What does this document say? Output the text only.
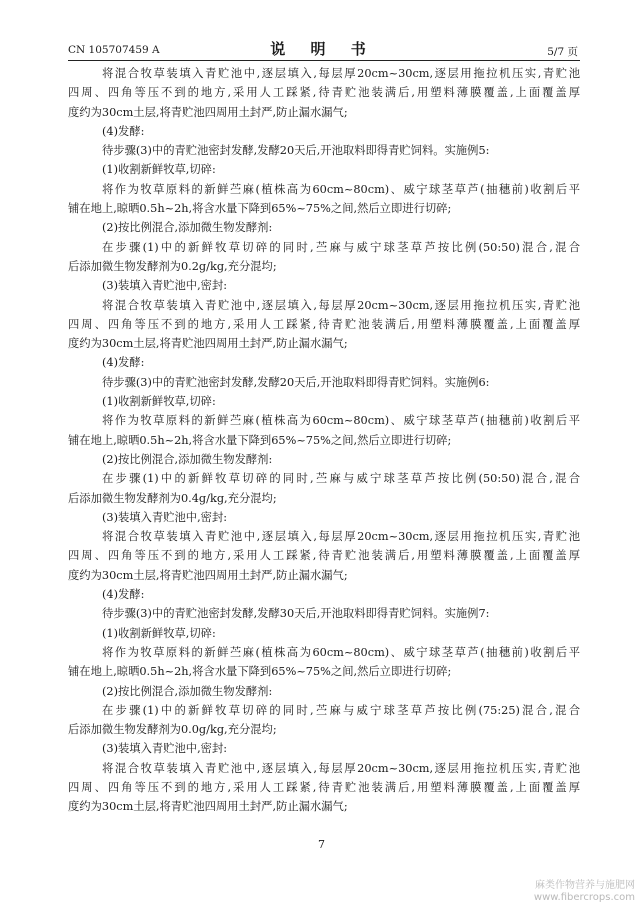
CN 105707459 A	说 明 书	5/7 页
将混合牧草装填入青贮池中,逐层填入,每层厚20cm~30cm,逐层用拖拉机压实,青贮池
四周、四角等压不到的地方,采用人工踩紧,待青贮池装满后,用塑料薄膜覆盖,上面覆盖厚
度约为30cm土层,将青贮池四周用土封严,防止漏水漏气;
(4)发酵:
待步骤(3)中的青贮池密封发酵,发酵20天后,开池取料即得青贮饲料。实施例5:
(1)收割新鲜牧草,切碎:
将作为牧草原料的新鲜苎麻(植株高为60cm~80cm)、威宁球茎草芦(抽穗前)收割后平
铺在地上,晾晒0.5h~2h,将含水量下降到65%~75%之间,然后立即进行切碎;
(2)按比例混合,添加微生物发酵剂:
在步骤(1)中的新鲜牧草切碎的同时,苎麻与威宁球茎草芦按比例(50:50)混合,混合
后添加微生物发酵剂为0.2g/kg,充分混均;
(3)装填入青贮池中,密封:
将混合牧草装填入青贮池中,逐层填入,每层厚20cm~30cm,逐层用拖拉机压实,青贮池
四周、四角等压不到的地方,采用人工踩紧,待青贮池装满后,用塑料薄膜覆盖,上面覆盖厚
度约为30cm土层,将青贮池四周用土封严,防止漏水漏气;
(4)发酵:
待步骤(3)中的青贮池密封发酵,发酵20天后,开池取料即得青贮饲料。实施例6:
(1)收割新鲜牧草,切碎:
将作为牧草原料的新鲜苎麻(植株高为60cm~80cm)、威宁球茎草芦(抽穗前)收割后平
铺在地上,晾晒0.5h~2h,将含水量下降到65%~75%之间,然后立即进行切碎;
(2)按比例混合,添加微生物发酵剂:
在步骤(1)中的新鲜牧草切碎的同时,苎麻与威宁球茎草芦按比例(50:50)混合,混合
后添加微生物发酵剂为0.4g/kg,充分混均;
(3)装填入青贮池中,密封:
将混合牧草装填入青贮池中,逐层填入,每层厚20cm~30cm,逐层用拖拉机压实,青贮池
四周、四角等压不到的地方,采用人工踩紧,待青贮池装满后,用塑料薄膜覆盖,上面覆盖厚
度约为30cm土层,将青贮池四周用土封严,防止漏水漏气;
(4)发酵:
待步骤(3)中的青贮池密封发酵,发酵30天后,开池取料即得青贮饲料。实施例7:
(1)收割新鲜牧草,切碎:
将作为牧草原料的新鲜苎麻(植株高为60cm~80cm)、威宁球茎草芦(抽穗前)收割后平
铺在地上,晾晒0.5h~2h,将含水量下降到65%~75%之间,然后立即进行切碎;
(2)按比例混合,添加微生物发酵剂:
在步骤(1)中的新鲜牧草切碎的同时,苎麻与威宁球茎草芦按比例(75:25)混合,混合
后添加微生物发酵剂为0.0g/kg,充分混均;
(3)装填入青贮池中,密封:
将混合牧草装填入青贮池中,逐层填入,每层厚20cm~30cm,逐层用拖拉机压实,青贮池
四周、四角等压不到的地方,采用人工踩紧,待青贮池装满后,用塑料薄膜覆盖,上面覆盖厚
度约为30cm土层,将青贮池四周用土封严,防止漏水漏气;
7
麻类作物营养与施肥网
www.fibercrops.com
